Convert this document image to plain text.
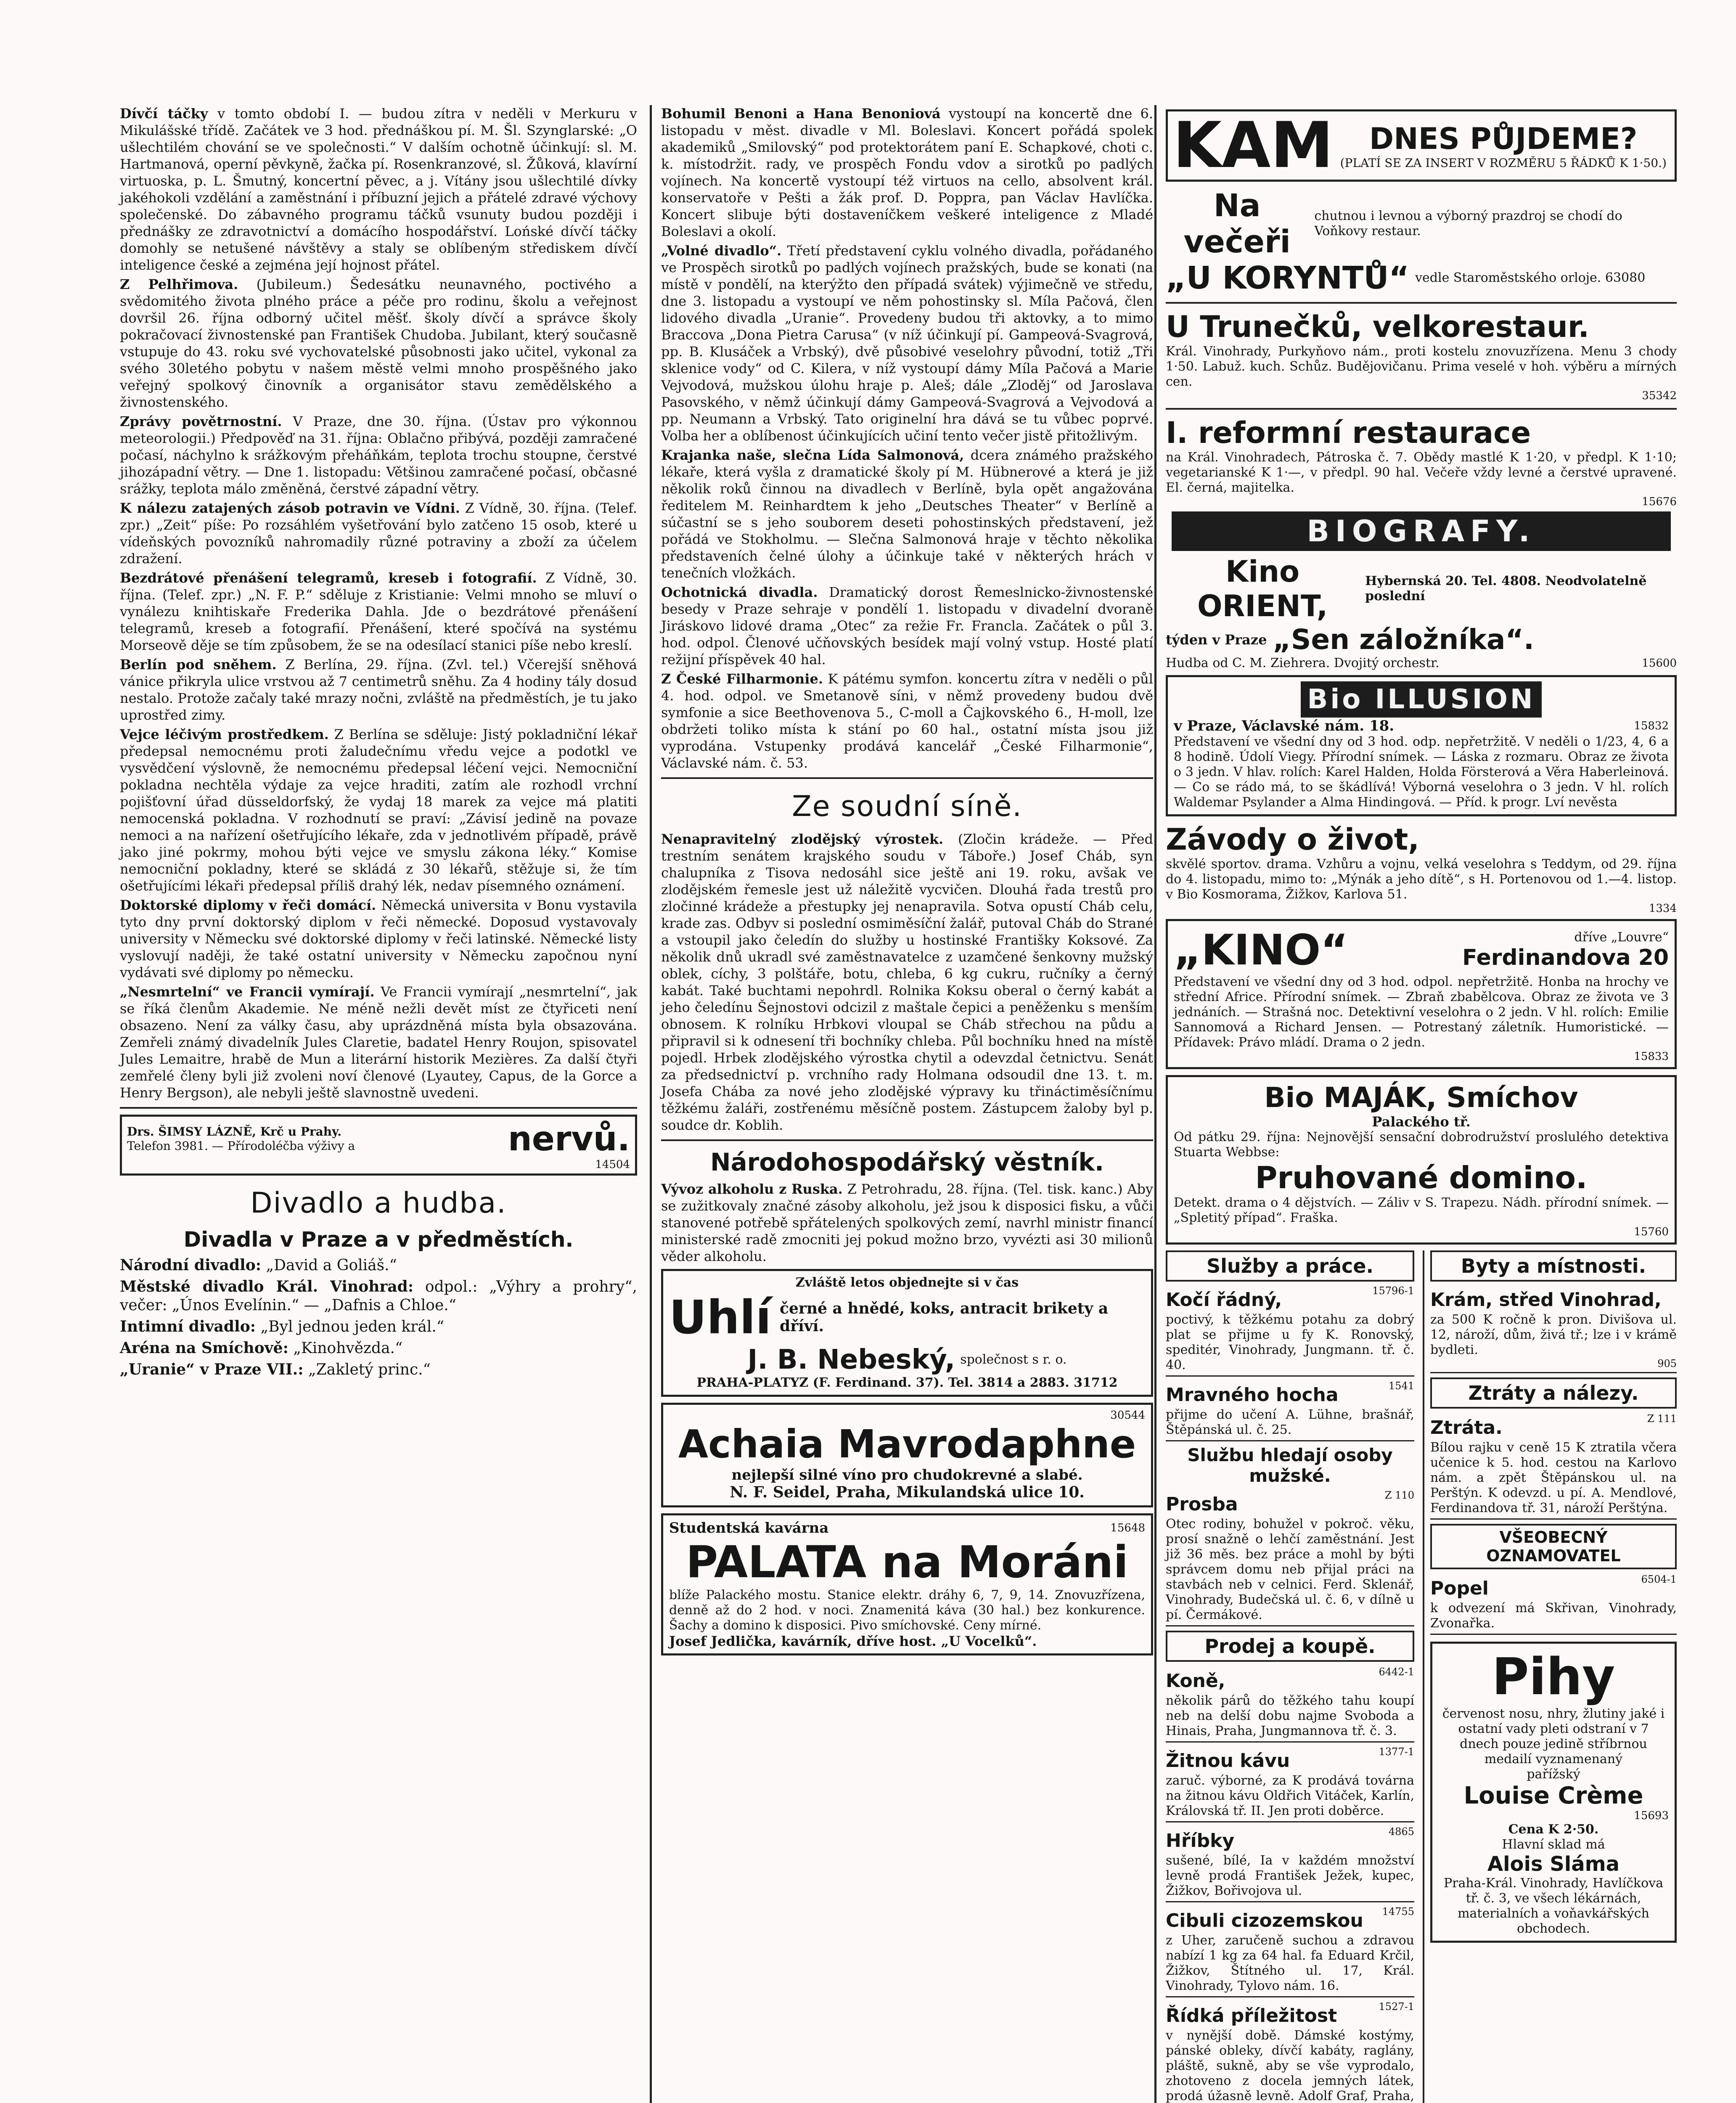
Dívčí táčky v tomto období I. — budou zítra v neděli v Merkuru v Mikulášské třídě. Začátek ve 3 hod. přednáškou pí. M. Šl. Szynglarské: „O ušlechtilém chování se ve společnosti.“ V dalším ochotně účinkují: sl. M. Hartmanová, operní pěvkyně, žačka pí. Rosenkranzové, sl. Žůková, klavírní virtuoska, p. L. Šmutný, koncertní pěvec, a j. Vítány jsou ušlechtilé dívky jakéhokoli vzdělání a zaměstnání i příbuzní jejich a přátelé zdravé výchovy společenské. Do zábavného programu táčků vsunuty budou později i přednášky ze zdravotnictví a domácího hospodářství. Lońské dívčí táčky domohly se netušené návštěvy a staly se oblíbeným střediskem dívčí inteligence české a zejména její hojnost přátel.

Z Pelhřimova. (Jubileum.) Šedesátku neunavného, poctivého a svědomitého života plného práce a péče pro rodinu, školu a veřejnost dovršil 26. října odborný učitel měšť. školy dívčí a správce školy pokračovací živnostenské pan František Chudoba. Jubilant, který současně vstupuje do 43. roku své vychovatelské působnosti jako učitel, vykonal za svého 30letého pobytu v našem městě velmi mnoho prospěšného jako veřejný spolkový činovník a organisátor stavu zemědělského a živnostenského.

Zprávy povětrnostní. V Praze, dne 30. října. (Ústav pro výkonnou meteorologii.) Předpověď na 31. října: Oblačno přibývá, později zamračené počasí, náchylno k srážkovým přeháňkám, teplota trochu stoupne, čerstvé jihozápadní větry. — Dne 1. listopadu: Většinou zamračené počasí, občasné srážky, teplota málo změněná, čerstvé západní větry.

K nálezu zatajených zásob potravin ve Vídni. Z Vídně, 30. října. (Telef. zpr.) „Zeit“ píše: Po rozsáhlém vyšetřování bylo zatčeno 15 osob, které u vídeňských povozníků nahromadily různé potraviny a zboží za účelem zdražení.

Bezdrátové přenášení telegramů, kreseb i fotografií. Z Vídně, 30. října. (Telef. zpr.) „N. F. P.“ sděluje z Kristianie: Velmi mnoho se mluví o vynálezu knihtiskaře Frederika Dahla. Jde o bezdrátové přenášení telegramů, kreseb a fotografií. Přenášení, které spočívá na systému Morseově děje se tím způsobem, že se na odesílací stanici píše nebo kreslí.

Berlín pod sněhem. Z Berlína, 29. října. (Zvl. tel.) Včerejší sněhová vánice přikryla ulice vrstvou až 7 centimetrů sněhu. Za 4 hodiny tály dosud nestalo. Protože začaly také mrazy nočni, zvláště na předměstích, je tu jako uprostřed zimy.

Vejce léčivým prostředkem. Z Berlína se sděluje: Jistý pokladniční lékař předepsal nemocnému proti žaludečnímu vředu vejce a podotkl ve vysvědčení výslovně, že nemocnému předepsal léčení vejci. Nemocniční pokladna nechtěla výdaje za vejce hraditi, zatím ale rozhodl vrchní pojišťovní úřad düsseldorfský, že vydaj 18 marek za vejce má platiti nemocenská pokladna. V rozhodnutí se praví: „Závisí jedině na povaze nemoci a na nařízení ošetřujícího lékaře, zda v jednotlivém případě, právě jako jiné pokrmy, mohou býti vejce ve smyslu zákona léky.“ Komise nemocniční pokladny, které se skládá z 30 lékařů, stěžuje si, že tím ošetřujícími lékaři předepsal příliš drahý lék, nedav písemného oznámení.

Doktorské diplomy v řeči domácí. Německá universita v Bonu vystavila tyto dny první doktorský diplom v řeči německé. Doposud vystavovaly university v Německu své doktorské diplomy v řeči latinské. Německé listy vyslovují naději, že také ostatní university v Německu započnou nyní vydávati své diplomy po německu.

„Nesmrtelní“ ve Francii vymírají. Ve Francii vymírají „nesmrtelní“, jak se říká členům Akademie. Ne méně nežli devět míst ze čtyřiceti není obsazeno. Není za války času, aby uprázdněná místa byla obsazována. Zemřeli známý divadelník Jules Claretie, badatel Henry Roujon, spisovatel Jules Lemaitre, hrabě de Mun a literární historik Mezières. Za další čtyři zemřelé členy byli již zvoleni noví členové (Lyautey, Capus, de la Gorce a Henry Bergson), ale nebyli ještě slavnostně uvedeni.

Drs. ŠIMSY LÁZNĚ, Krč u Prahy.
Telefon 3981. — Přírodoléčba výživy a	nervů.
14504
Divadlo a hudba.
Divadla v Praze a v předměstích.

Národní divadlo: „David a Goliáš.“

Městské divadlo Král. Vinohrad: odpol.: „Výhry a prohry“, večer: „Únos Evelínin.“ — „Dafnis a Chloe.“

Intimní divadlo: „Byl jednou jeden král.“

Aréna na Smíchově: „Kinohvězda.“

„Uranie“ v Praze VII.: „Zakletý princ.“

Bohumil Benoni a Hana Benoniová vystoupí na koncertě dne 6. listopadu v měst. divadle v Ml. Boleslavi. Koncert pořádá spolek akademiků „Smilovský“ pod protektorátem paní E. Schapkové, choti c. k. místodržit. rady, ve prospěch Fondu vdov a sirotků po padlých vojínech. Na koncertě vystoupí též virtuos na cello, absolvent král. konservatoře v Pešti a žák prof. D. Poppra, pan Václav Havlíčka. Koncert slibuje býti dostaveníčkem veškeré inteligence z Mladé Boleslavi a okolí.

„Volné divadlo“. Třetí představení cyklu volného divadla, pořádaného ve Prospěch sirotků po padlých vojínech pražských, bude se konati (na místě v pondělí, na kterýžto den případá svátek) výjimečně ve středu, dne 3. listopadu a vystoupí ve něm pohostinsky sl. Míla Pačová, člen lidového divadla „Uranie“. Provedeny budou tři aktovky, a to mimo Braccova „Dona Pietra Carusa“ (v níž účinkují pí. Gampeová-Svagrová, pp. B. Klusáček a Vrbský), dvě působivé veselohry původní, totiž „Tři sklenice vody“ od C. Kilera, v níž vystoupí dámy Míla Pačová a Marie Vejvodová, mužskou úlohu hraje p. Aleš; dále „Zloděj“ od Jaroslava Pasovského, v němž účinkují dámy Gampeová-Svagrová a Vejvodová a pp. Neumann a Vrbský. Tato originelní hra dává se tu vůbec poprvé. Volba her a oblíbenost účinkujících učiní tento večer jistě přitožlivým.

Krajanka naše, slečna Lída Salmonová, dcera známého pražského lékaře, která vyšla z dramatické školy pí M. Hübnerové a která je již několik roků činnou na divadlech v Berlíně, byla opět angažována ředitelem M. Reinhardtem k jeho „Deutsches Theater“ v Berlíně a súčastní se s jeho souborem deseti pohostinských představení, jež pořádá ve Stokholmu. — Slečna Salmonová hraje v těchto několika představeních čelné úlohy a účinkuje také v některých hrách v tenečních vložkách.

Ochotnická divadla. Dramatický dorost Řemeslnicko-živnostenské besedy v Praze sehraje v pondělí 1. listopadu v divadelní dvoraně Jiráskovo lidové drama „Otec“ za režie Fr. Francla. Začátek o půl 3. hod. odpol. Členové učňovských besídek mají volný vstup. Hosté platí režijní příspěvek 40 hal.

Z České Filharmonie. K pátému symfon. koncertu zítra v neděli o půl 4. hod. odpol. ve Smetanově síni, v němž provedeny budou dvě symfonie a sice Beethovenova 5., C-moll a Čajkovského 6., H-moll, lze obdržeti toliko místa k stání po 60 hal., ostatní místa jsou již vyprodána. Vstupenky prodává kancelář „České Filharmonie“, Václavské nám. č. 53.

Ze soudní síně.

Nenapravitelný zlodějský výrostek. (Zločin krádeže. — Před trestním senátem krajského soudu v Táboře.) Josef Cháb, syn chalupníka z Tisova nedosáhl sice ještě ani 19. roku, avšak ve zlodějském řemesle jest už náležitě vycvičen. Dlouhá řada trestů pro zločinné krádeže a přestupky jej nenapravila. Sotva opustí Cháb celu, krade zas. Odbyv si poslední osmiměsíční žalář, putoval Cháb do Strané a vstoupil jako čeledín do služby u hostinské Františky Koksové. Za několik dnů ukradl své zaměstnavatelce z uzamčené šenkovny mužský oblek, cíchy, 3 polštáře, botu, chleba, 6 kg cukru, ručníky a černý kabát. Také buchtami nepohrdl. Rolnika Koksu oberal o černý kabát a jeho čeledínu Šejnostovi odcizil z maštale čepici a peněženku s menším obnosem. K rolníku Hrbkovi vloupal se Cháb střechou na půdu a připravil si k odnesení tři bochníky chleba. Půl bochníku hned na místě pojedl. Hrbek zlodějského výrostka chytil a odevzdal četnictvu. Senát za předsednictví p. vrchního rady Holmana odsoudil dne 13. t. m. Josefa Chába za nové jeho zlodějské výpravy ku třináctiměsíčnímu těžkému žaláři, zostřenému měsíčně postem. Zástupcem žaloby byl p. soudce dr. Koblih.

Národohospodářský věstník.

Vývoz alkoholu z Ruska. Z Petrohradu, 28. října. (Tel. tisk. kanc.) Aby se zužitkovaly značné zásoby alkoholu, jež jsou k disposici fisku, a vůči stanovené potřebě spřátelených spolkových zemí, navrhl ministr financí ministerské radě zmocniti jej pokud možno brzo, vyvézti asi 30 milionů věder alkoholu.

Zvláště letos objednejte si v čas
Uhlí černé a hnědé, koks, antracit brikety a dříví.
J. B. Nebeský, společnost s r. o.
PRAHA-PLATYZ (F. Ferdinand. 37). Tel. 3814 a 2883. 31712
30544
Achaia Mavrodaphne
nejlepší silné víno pro chudokrevné a slabé.
N. F. Seidel, Praha, Mikulandská ulice 10.
Studentská kavárna	15648
PALATA na Moráni

blíže Palackého mostu. Stanice elektr. dráhy 6, 7, 9, 14. Znovuzřízena, denně až do 2 hod. v noci. Znamenitá káva (30 hal.) bez konkurence. Šachy a domino k disposici. Pivo smíchovské. Ceny mírné.

Josef Jedlička, kavárník, dříve host. „U Vocelků“.
KAM	DNES PŮJDEME?
(PLATÍ SE ZA INSERT V ROZMĚRU 5 ŘÁDKŮ K 1·50.)
Na večeři
chutnou i levnou a výborný prazdroj se chodí do Voňkovy restaur.
„U KORYNTŮ“ vedle Staroměstského orloje. 63080
U Trunečků, velkorestaur.

Král. Vinohrady, Purkyňovo nám., proti kostelu znovuzřízena. Menu 3 chody 1·50. Labuž. kuch. Schůz. Budějovičanu. Prima veselé v hoh. výběru a mírných cen.

35342
I. reformní restaurace

na Král. Vinohradech, Pátroska č. 7. Obědy mastlé K 1·20, v předpl. K 1·10; vegetarianské K 1·—, v předpl. 90 hal. Večeře vždy levné a čerstvé upravené. El. černá, majitelka.

15676
BIOGRAFY.
Kino ORIENT,
Hybernská 20. Tel. 4808. Neodvolatelně poslední
týden v Praze „Sen záložníka“.
Hudba od C. M. Ziehrera. Dvojitý orchestr.	15600
Bio ILLUSION
v Praze, Václavské nám. 18.	15832

Představení ve všední dny od 3 hod. odp. nepřetržitě. V neděli o 1/23, 4, 6 a 8 hodině. Údolí Viegy. Přírodní snímek. — Láska z rozmaru. Obraz ze života o 3 jedn. V hlav. rolích: Karel Halden, Holda Försterová a Věra Haberleinová. — Co se rádo má, to se škádlívá! Výborná veselohra o 3 jedn. V hl. rolích Waldemar Psylander a Alma Hindingová. — Příd. k progr. Lví nevěsta

Závody o život,

skvělé sportov. drama. Vzhůru a vojnu, velká veselohra s Teddym, od 29. října do 4. listopadu, mimo to: „Mýnák a jeho dítě“, s H. Portenovou od 1.—4. listop. v Bio Kosmorama, Žižkov, Karlova 51.

1334
„KINO“	dříve „Louvre“
Ferdinandova 20

Představení ve všední dny od 3 hod. odpol. nepřetržitě. Honba na hrochy ve střední Africe. Přírodní snímek. — Zbraň zbabělcova. Obraz ze života ve 3 jednáních. — Strašná noc. Detektivní veselohra o 2 jedn. V hl. rolích: Emilie Sannomová a Richard Jensen. — Potrestaný záletník. Humoristické. — Přídavek: Právo mládí. Drama o 2 jedn.

15833
Bio MAJÁK, Smíchov
Palackého tř.

Od pátku 29. října: Nejnovější sensační dobrodružství proslulého detektiva Stuarta Webbse:

Pruhované domino.

Detekt. drama o 4 dějstvích. — Záliv v S. Trapezu. Nádh. přírodní snímek. — „Spletitý případ“. Fraška.

15760
Služby a práce.
Kočí řádný,	15796-1

poctivý, k těžkému potahu za dobrý plat se přijme u fy K. Ronovský, speditér, Vinohrady, Jungmann. tř. č. 40.

Mravného hocha	1541

přijme do učení A. Lühne, brašnář, Štěpánská ul. č. 25.

Službu hledají osoby mužské.
Prosba	Z 110

Otec rodiny, bohužel v pokroč. věku, prosí snažně o lehčí zaměstnání. Jest již 36 měs. bez práce a mohl by býti správcem domu neb přijal práci na stavbách neb v celnici. Ferd. Sklenář, Vinohrady, Budečská ul. č. 6, v dílně u pí. Čermákové.

Prodej a koupě.
Koně,	6442-1

několik párů do těžkého tahu koupí neb na delší dobu najme Svoboda a Hinais, Praha, Jungmannova tř. č. 3.

Žitnou kávu	1377-1

zaruč. výborné, za K prodává továrna na žitnou kávu Oldřich Vitáček, Karlín, Královská tř. II. Jen proti doběrce.

Hříbky	4865

sušené, bílé, Ia v každém množství levně prodá František Ježek, kupec, Žižkov, Bořivojova ul.

Cibuli cizozemskou 14755

z Uher, zaručeně suchou a zdravou nabízí 1 kg za 64 hal. fa Eduard Krčil, Žižkov, Štítného ul. 17, Král. Vinohrady, Tylovo nám. 16.

Řídká příležitost	1527-1

v nynější době. Dámské kostýmy, pánské obleky, dívčí kabáty, raglány, pláště, sukně, aby se vše vyprodalo, zhotoveno z docela jemných látek, prodá úžasně levně. Adolf Graf, Praha,

Byty a místnosti.
Krám, střed Vinohrad,

za 500 K ročně k pron. Divišova ul. 12, nároží, dům, živá tř.; lze i v krámě bydleti.

905
Ztráty a nálezy.
Ztráta.	Z 111

Bílou rajku v ceně 15 K ztratila včera učenice k 5. hod. cestou na Karlovo nám. a zpět Štěpánskou ul. na Perštýn. K odevzd. u pí. A. Mendlové, Ferdinandova tř. 31, nároží Perštýna.

VŠEOBECNÝ OZNAMOVATEL
Popel	6504-1

k odvezení má Skřivan, Vinohrady, Zvonařka.

Pihy

červenost nosu, nhry, žlutiny jaké i ostatní vady pleti odstraní v 7 dnech pouze jedině stříbrnou medailí vyznamenaný

pařížský
Louise Crème
15693
Cena K 2·50.
Hlavní sklad má
Alois Sláma

Praha-Král. Vinohrady, Havlíčkova tř. č. 3, ve všech lékárnách, materialních a voňavkářských obchodech.
